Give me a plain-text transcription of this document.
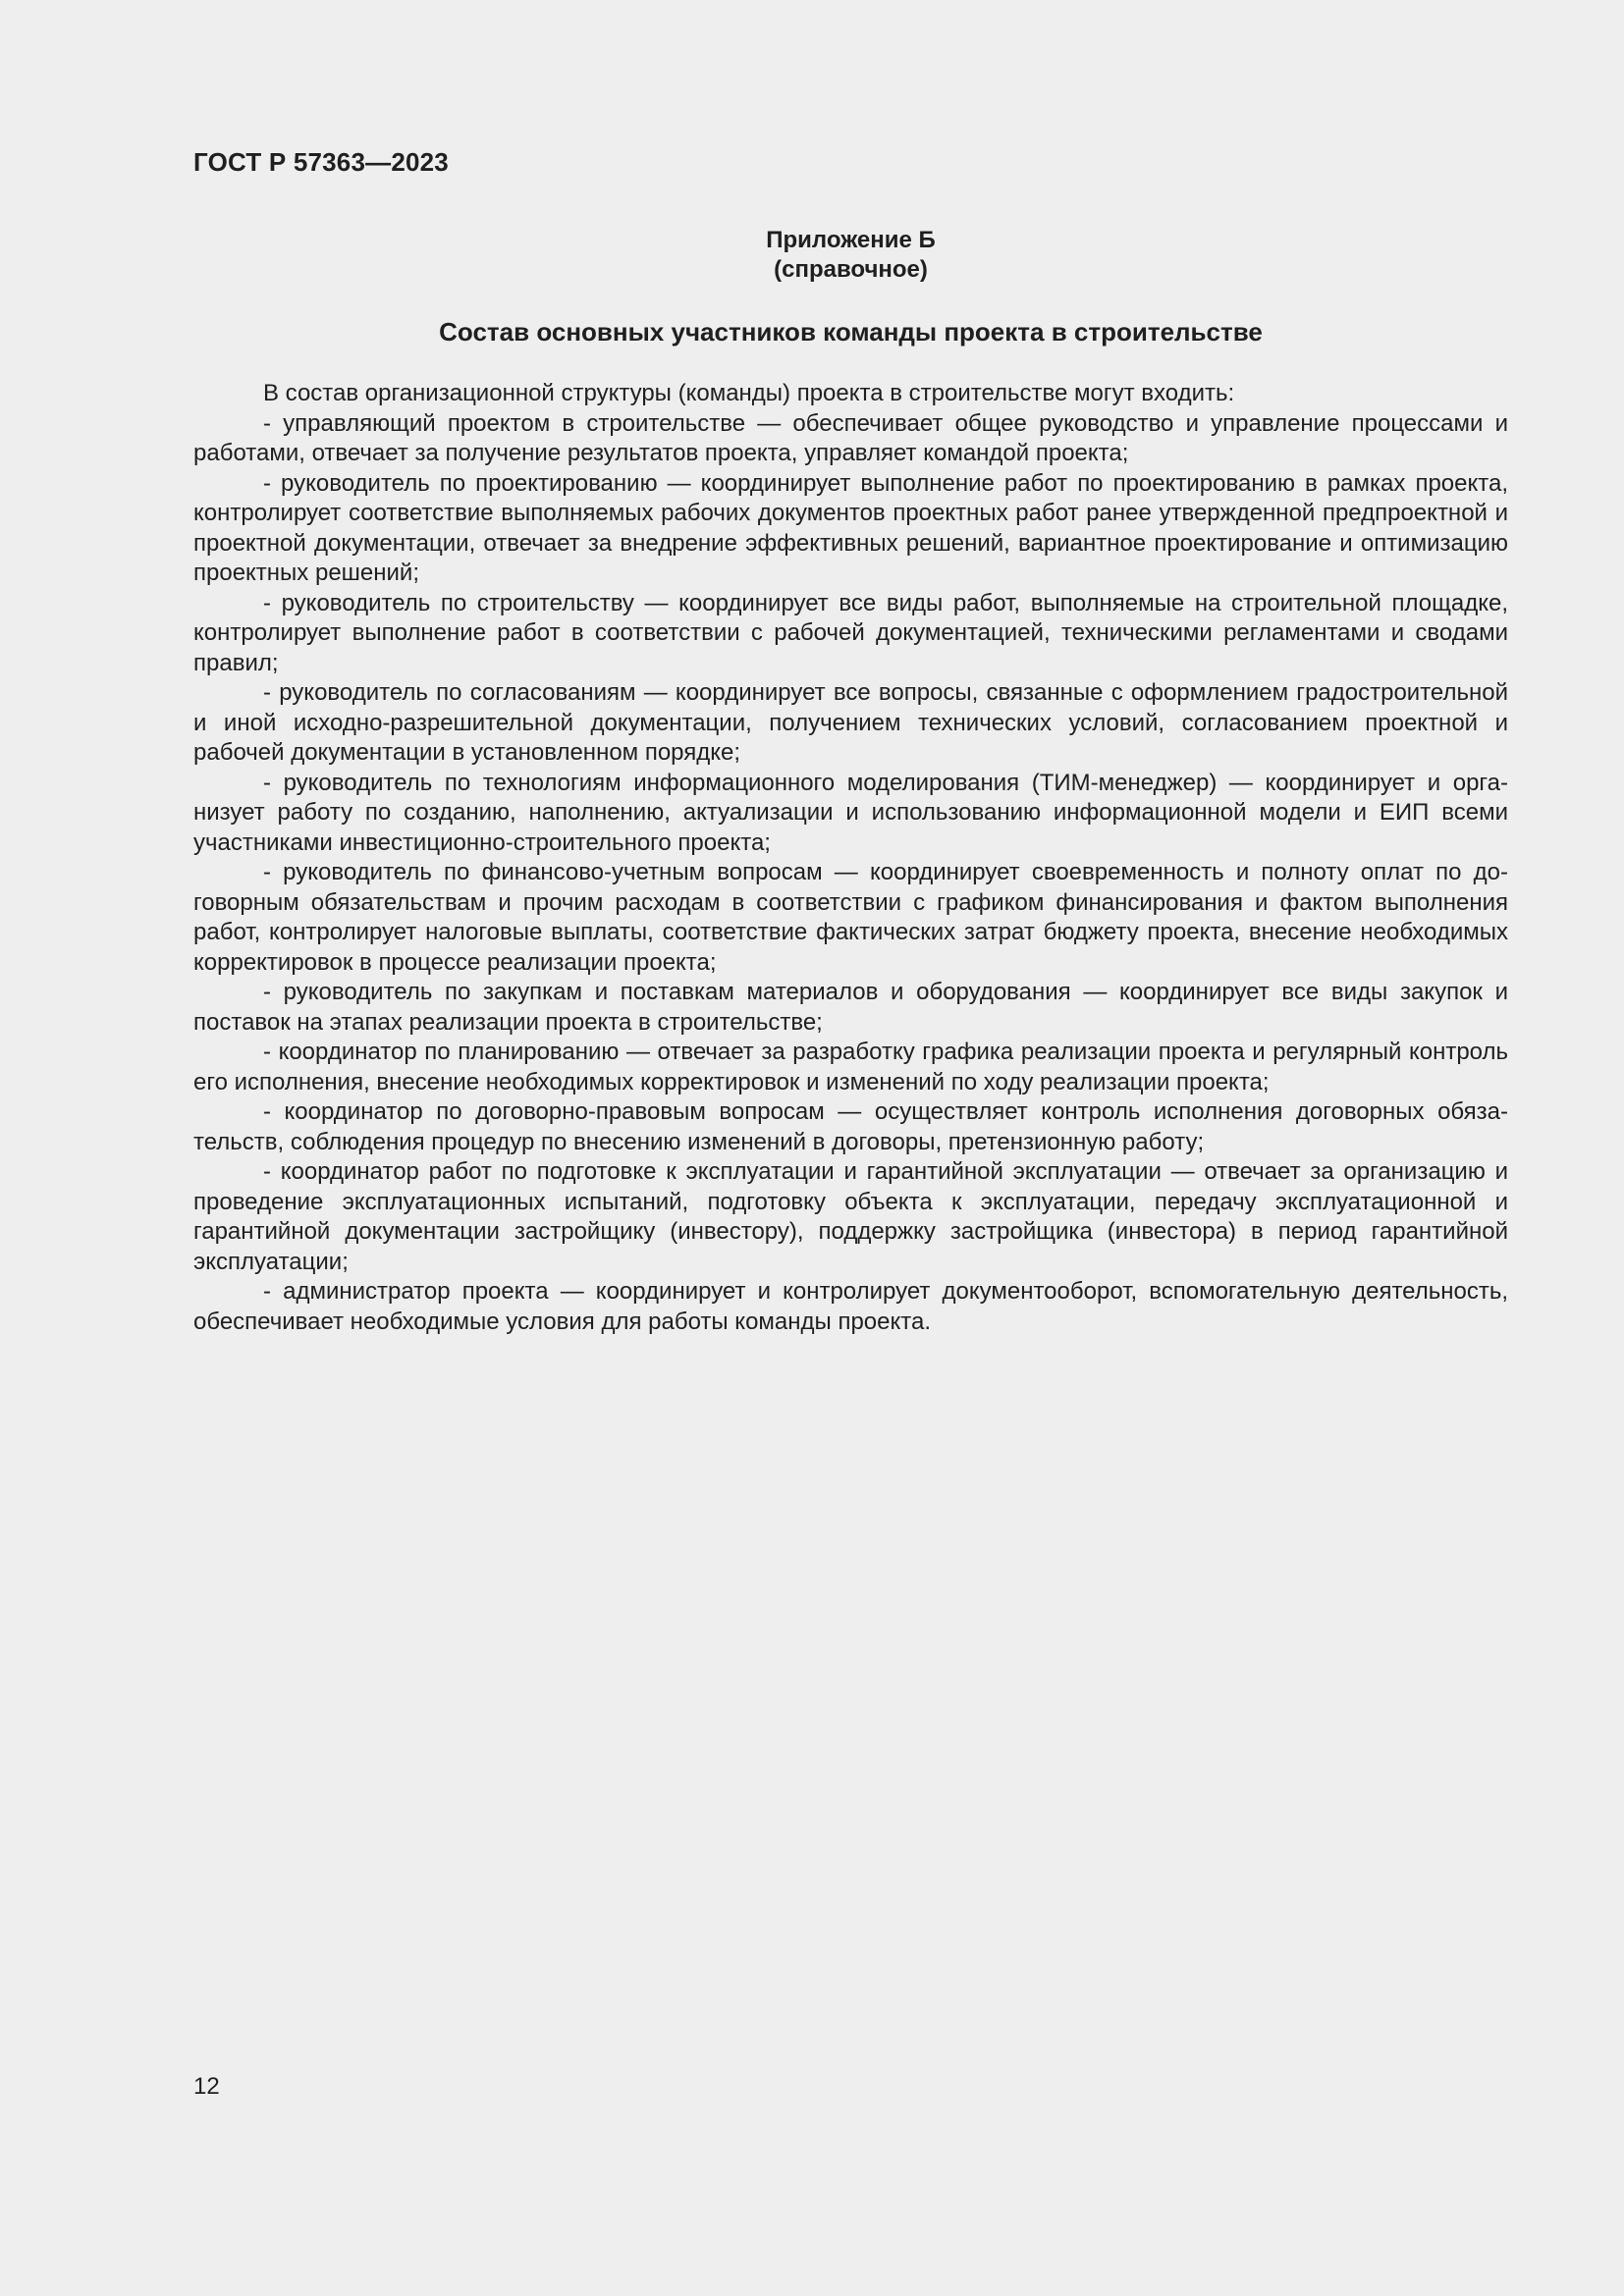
ГОСТ Р 57363—2023
Приложение Б
(справочное)
Состав основных участников команды проекта в строительстве

В состав организационной структуры (команды) проекта в строительстве могут входить:

- управляющий проектом в строительстве — обеспечивает общее руководство и управление процессами и работами, отвечает за получение результатов проекта, управляет командой проекта;

- руководитель по проектированию — координирует выполнение работ по проектированию в рамках проекта, контролирует соответствие выполняемых рабочих документов проектных работ ранее утвержденной предпроектной и проектной документации, отвечает за внедрение эффективных решений, вариантное проектирование и оптимизацию проектных решений;

- руководитель по строительству — координирует все виды работ, выполняемые на строительной площадке, контролирует выполнение работ в соответствии с рабочей документацией, техническими регламентами и сводами правил;

- руководитель по согласованиям — координирует все вопросы, связанные с оформлением градостроительной и иной исходно-разрешительной документации, получением технических условий, согласованием проектной и рабочей документации в установленном порядке;

- руководитель по технологиям информационного моделирования (ТИМ-менеджер) — координирует и организует работу по созданию, наполнению, актуализации и использованию информационной модели и ЕИП всеми участниками инвестиционно-строительного проекта;

- руководитель по финансово-учетным вопросам — координирует своевременность и полноту оплат по договорным обязательствам и прочим расходам в соответствии с графиком финансирования и фактом выполнения работ, контролирует налоговые выплаты, соответствие фактических затрат бюджету проекта, внесение необходимых корректировок в процессе реализации проекта;

- руководитель по закупкам и поставкам материалов и оборудования — координирует все виды закупок и поставок на этапах реализации проекта в строительстве;

- координатор по планированию — отвечает за разработку графика реализации проекта и регулярный контроль его исполнения, внесение необходимых корректировок и изменений по ходу реализации проекта;

- координатор по договорно-правовым вопросам — осуществляет контроль исполнения договорных обязательств, соблюдения процедур по внесению изменений в договоры, претензионную работу;

- координатор работ по подготовке к эксплуатации и гарантийной эксплуатации — отвечает за организацию и проведение эксплуатационных испытаний, подготовку объекта к эксплуатации, передачу эксплуатационной и гарантийной документации застройщику (инвестору), поддержку застройщика (инвестора) в период гарантийной эксплуатации;

- администратор проекта — координирует и контролирует документооборот, вспомогательную деятельность, обеспечивает необходимые условия для работы команды проекта.

12
